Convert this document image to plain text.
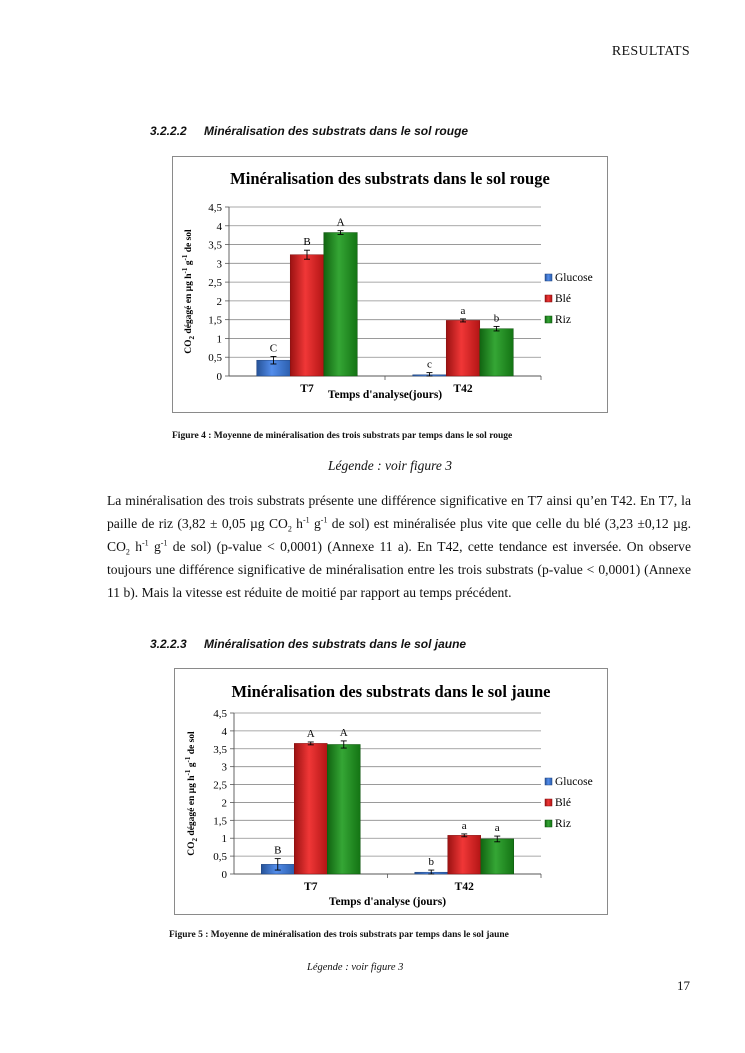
RESULTATS
3.2.2.2 Minéralisation des substrats dans le sol rouge
Minéralisation des substrats dans le sol rouge
0
0,5
1
1,5
2
2,5
3
3,5
4
4,5
T7
C
B
A
T42
c
a
b
$CO_2$ dégagé en µg $h^{-1}$ $g^{-1}$ de sol
Temps d'analyse(jours)
Glucose
Blé
Riz
Figure 4 : Moyenne de minéralisation des trois substrats par temps dans le sol rouge
Légende : voir figure 3

La minéralisation des trois substrats présente une différence significative en T7 ainsi qu’en T42. En T7, la paille de riz (3,82 ± 0,05 µg $CO_2$ $h^{-1}$ $g^{-1}$ de sol) est minéralisée plus vite que celle du blé (3,23 ±0,12 µg. $CO_2$ $h^{-1}$ $g^{-1}$ de sol) (p-value < 0,0001) (Annexe 11 a). En T42, cette tendance est inversée. On observe toujours une différence significative de minéralisation entre les trois substrats (p-value < 0,0001) (Annexe 11 b). Mais la vitesse est réduite de moitié par rapport au temps précédent.

3.2.2.3 Minéralisation des substrats dans le sol jaune
Minéralisation des substrats dans le sol jaune
0
0,5
1
1,5
2
2,5
3
3,5
4
4,5
T7
B
A A
T42
b
a	a
$CO_2$ dégagé en µg $h^{-1}$ $g^{-1}$ de sol
Temps d'analyse (jours)
Glucose
Blé
Riz
Figure 5 : Moyenne de minéralisation des trois substrats par temps dans le sol jaune
Légende : voir figure 3
17
